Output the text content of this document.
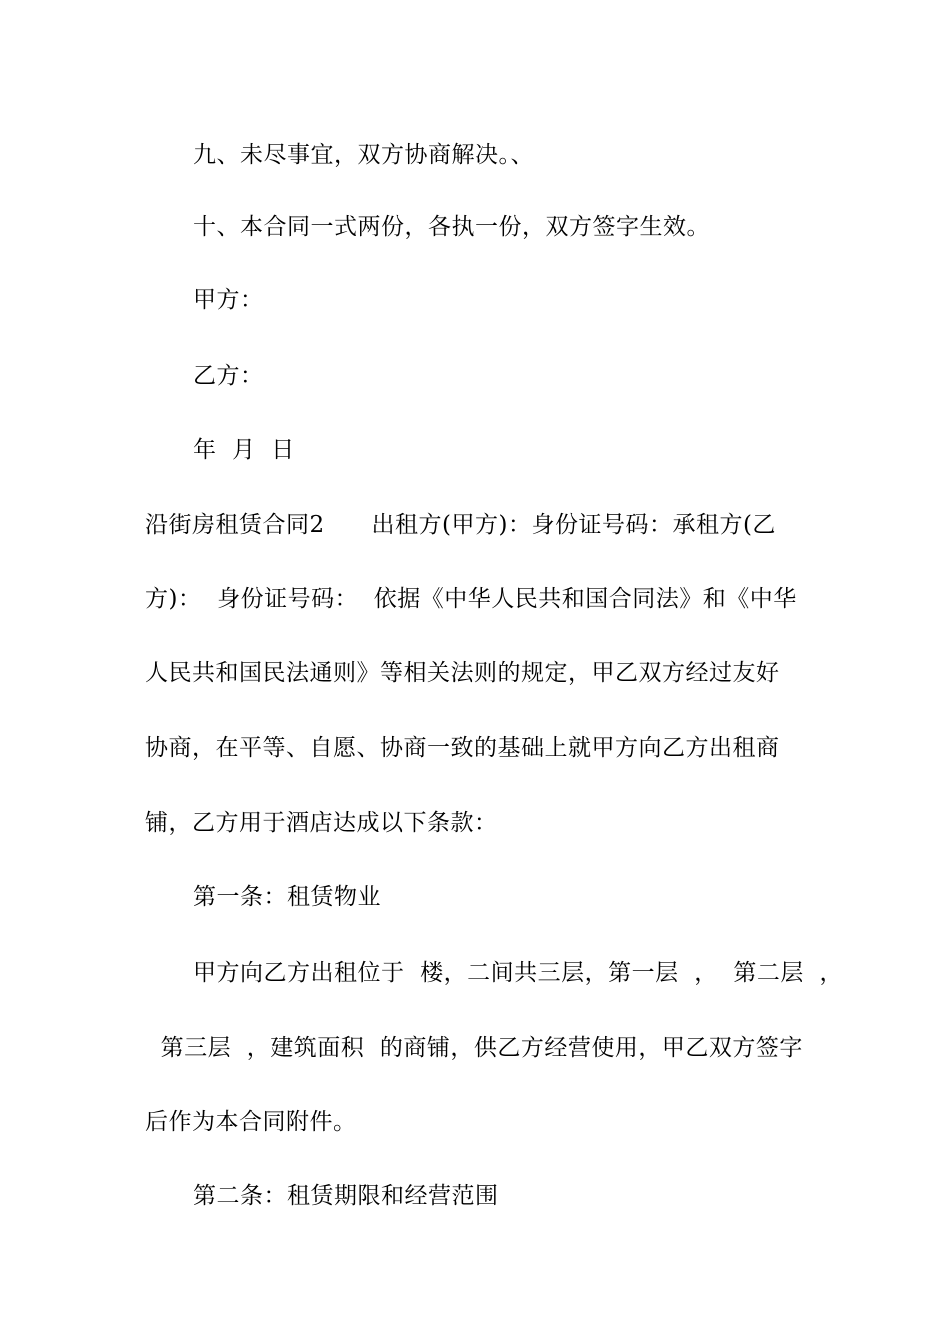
九、未尽事宜，双方协商解决。、
十、本合同一式两份，各执一份，双方签字生效。
甲方：
乙方：
年  月  日
沿街房租赁合同2      出租方(甲方)：身份证号码：承租方(乙
方)：  身份证号码：  依据《中华人民共和国合同法》和《中华
人民共和国民法通则》等相关法则的规定，甲乙双方经过友好
协商，在平等、自愿、协商一致的基础上就甲方向乙方出租商
铺，乙方用于酒店达成以下条款：
第一条：租赁物业
甲方向乙方出租位于  楼，二间共三层，第一层  ，  第二层  ，
第三层  ，建筑面积  的商铺，供乙方经营使用，甲乙双方签字
后作为本合同附件。
第二条：租赁期限和经营范围
